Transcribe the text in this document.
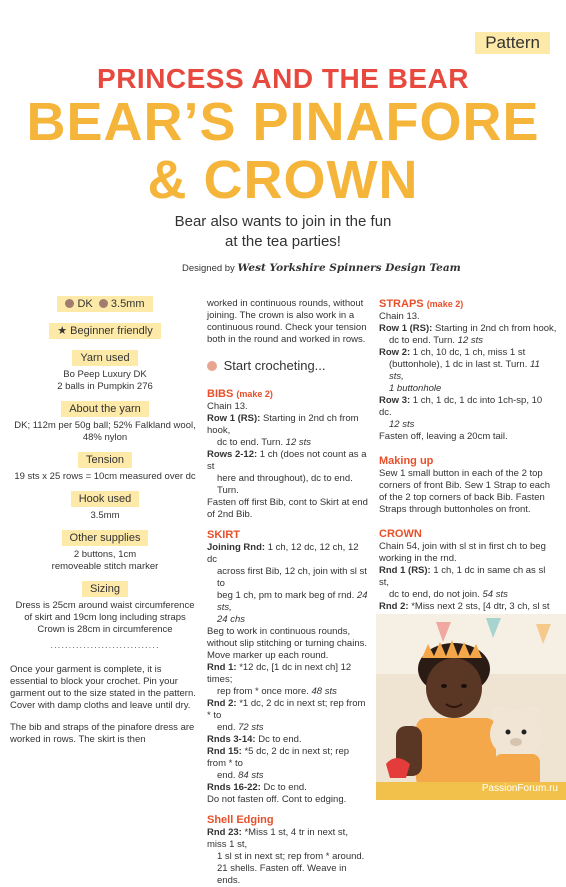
Pattern
PRINCESS AND THE BEAR
BEAR’S PINAFORE
& CROWN
Bear also wants to join in the fun
at the tea parties!
Designed by West Yorkshire Spinners Design Team
DK 3.5mm
★ Beginner friendly
Yarn used
Bo Peep Luxury DK
2 balls in Pumpkin 276
About the yarn
DK; 112m per 50g ball; 52% Falkland wool,
48% nylon
Tension
19 sts x 25 rows = 10cm measured over dc
Hook used
3.5mm
Other supplies
2 buttons, 1cm
removeable stitch marker
Sizing
Dress is 25cm around waist circumference
of skirt and 19cm long including straps
Crown is 28cm in circumference
..............................

Once your garment is complete, it is essential to block your crochet. Pin your garment out to the size stated in the pattern. Cover with damp cloths and leave until dry.

The bib and straps of the pinafore dress are worked in rows. The skirt is then

worked in continuous rounds, without joining. The crown is also work in a continuous round. Check your tension both in the round and worked in rows.

Start crocheting...
BIBS (make 2)

Chain 13.

Row 1 (RS): Starting in 2nd ch from hook,
dc to end. Turn. 12 sts
Rows 2-12: 1 ch (does not count as a st
here and throughout), dc to end. Turn.

Fasten off first Bib, cont to Skirt at end of 2nd Bib.

SKIRT
Joining Rnd: 1 ch, 12 dc, 12 ch, 12 dc
across first Bib, 12 ch, join with sl st to
beg 1 ch, pm to mark beg of rnd. 24 sts,
24 chs

Beg to work in continuous rounds, without slip stitching or turning chains. Move marker up each round.

Rnd 1: *12 dc, [1 dc in next ch] 12 times;
rep from * once more. 48 sts
Rnd 2: *1 dc, 2 dc in next st; rep from * to
end. 72 sts
Rnds 3-14: Dc to end.
Rnd 15: *5 dc, 2 dc in next st; rep from * to
end. 84 sts
Rnds 16-22: Dc to end.

Do not fasten off. Cont to edging.

Shell Edging
Rnd 23: *Miss 1 st, 4 tr in next st, miss 1 st,
1 sl st in next st; rep from * around.
21 shells. Fasten off. Weave in ends.
STRAPS (make 2)

Chain 13.

Row 1 (RS): Starting in 2nd ch from hook,
dc to end. Turn. 12 sts
Row 2: 1 ch, 10 dc, 1 ch, miss 1 st
(buttonhole), 1 dc in last st. Turn. 11 sts,
1 buttonhole
Row 3: 1 ch, 1 dc, 1 dc into 1ch-sp, 10 dc.
12 sts

Fasten off, leaving a 20cm tail.

Making up

Sew 1 small button in each of the 2 top corners of front Bib. Sew 1 Strap to each of the 2 top corners of back Bib. Fasten Straps through buttonholes on front.

CROWN

Chain 54, join with sl st in first ch to beg working in the rnd.

Rnd 1 (RS): 1 ch, 1 dc in same ch as sl st,
dc to end, do not join. 54 sts
Rnd 2: *Miss next 2 sts, [4 dtr, 3 ch, sl st

PassionForum.ru
